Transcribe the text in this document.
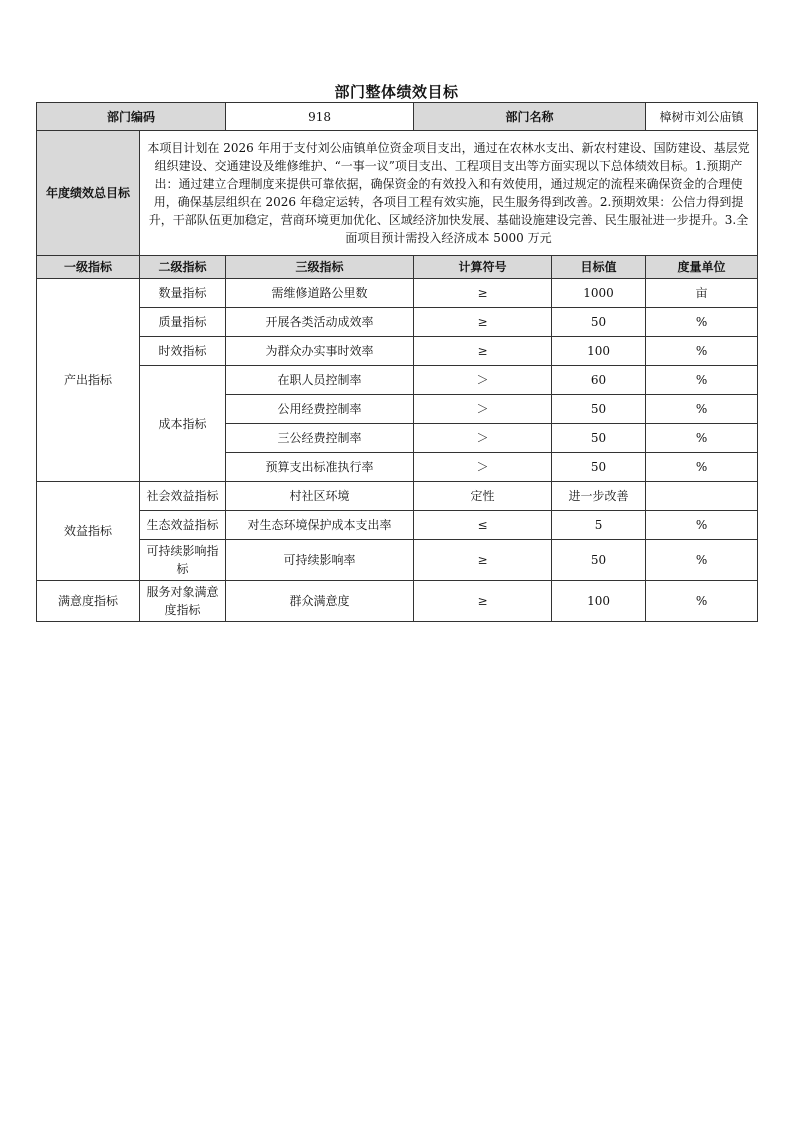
部门整体绩效目标
部门编码		918	部门名称		樟树市刘公庙镇
年度绩效总目标	本项目计划在 2026 年用于支付刘公庙镇单位资金项目支出，通过在农林水支出、新农村建设、国防建设、基层党组织建设、交通建设及维修维护、“一事一议”项目支出、工程项目支出等方面实现以下总体绩效目标。1.预期产出：通过建立合理制度来提供可靠依据，确保资金的有效投入和有效使用，通过规定的流程来确保资金的合理使用，确保基层组织在 2026 年稳定运转，各项目工程有效实施，民生服务得到改善。2.预期效果：公信力得到提升，干部队伍更加稳定，营商环境更加优化、区域经济加快发展、基础设施建设完善、民生服祉进一步提升。3.全面项目预计需投入经济成本 5000 万元				
一级指标	二级指标	三级指标	计算符号	目标值	度量单位
产出指标	数量指标	需维修道路公里数	≥	1000	亩
	质量指标	开展各类活动成效率	≥	50	%
	时效指标	为群众办实事时效率	≥	100	%
	成本指标	在职人员控制率	＞	60	%
		公用经费控制率	＞	50	%
		三公经费控制率	＞	50	%
		预算支出标准执行率	＞	50	%
效益指标	社会效益指标	村社区环境	定性	进一步改善	
	生态效益指标	对生态环境保护成本支出率	≤	5	%
	可持续影响指标	可持续影响率	≥	50	%
满意度指标	服务对象满意度指标	群众满意度	≥	100	%
